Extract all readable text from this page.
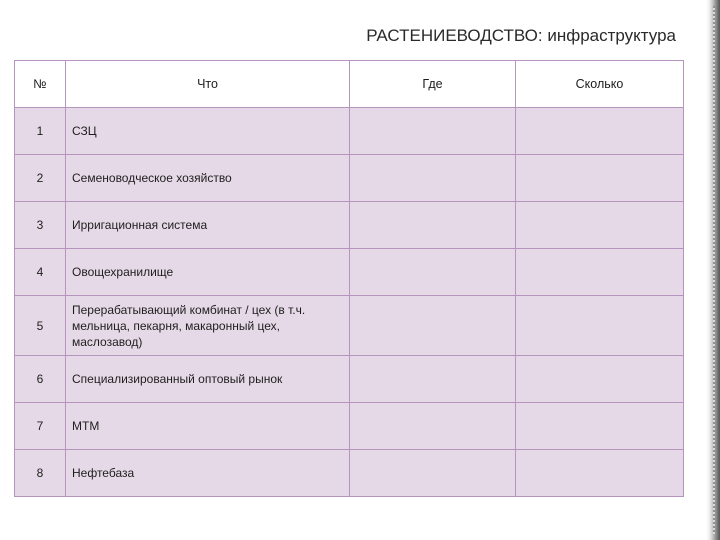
РАСТЕНИЕВОДСТВО: инфраструктура
№	Что	Где	Сколько
1	СЗЦ		
2	Семеноводческое хозяйство		
3	Ирригационная система		
4	Овощехранилище		
5	Перерабатывающий комбинат / цех (в т.ч. мельница, пекарня, макаронный цех, маслозавод)		
6	Специализированный оптовый рынок		
7	МТМ		
8	Нефтебаза		
